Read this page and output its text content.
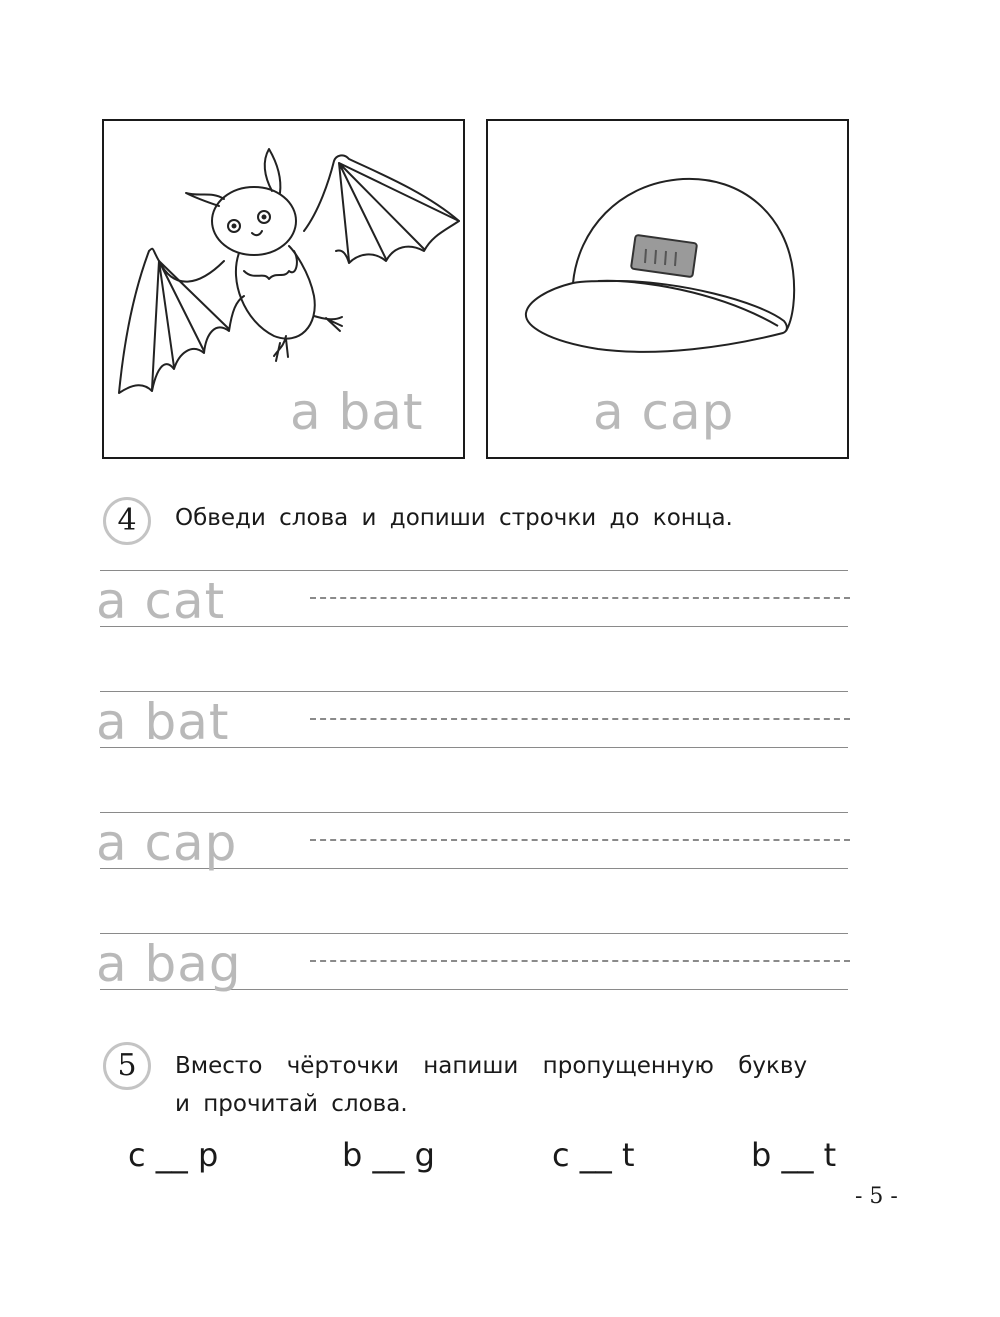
a bat	a cap
4	Обведи слова и допиши строчки до конца.
a cat
a bat
a cap
a bag
5	Вместо чёрточки напиши пропущенную букву
и прочитай слова.
c __ p	b __ g	c __ t	b __ t
- 5 -
